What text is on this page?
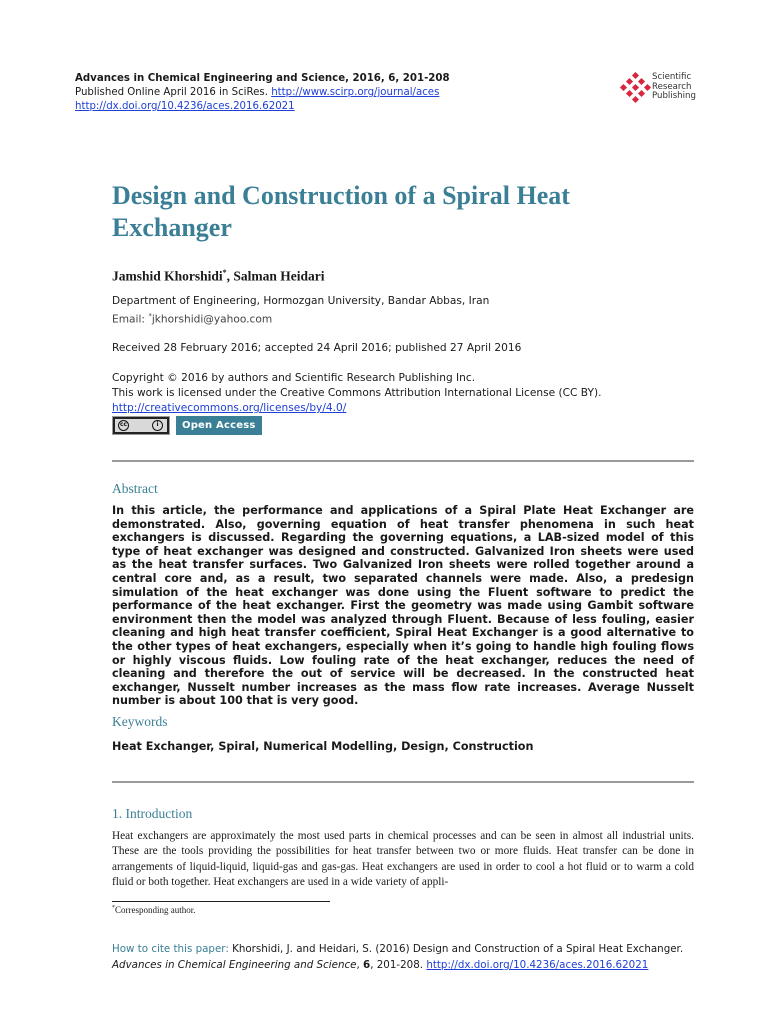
Advances in Chemical Engineering and Science, 2016, 6, 201-208
Published Online April 2016 in SciRes. http://www.scirp.org/journal/aces
http://dx.doi.org/10.4236/aces.2016.62021
Scientific
Research
Publishing
Design and Construction of a Spiral Heat Exchanger
Jamshid Khorshidi*, Salman Heidari
Department of Engineering, Hormozgan University, Bandar Abbas, Iran
Email: *jkhorshidi@yahoo.com
Received 28 February 2016; accepted 24 April 2016; published 27 April 2016
Copyright © 2016 by authors and Scientific Research Publishing Inc.
This work is licensed under the Creative Commons Attribution International License (CC BY).
http://creativecommons.org/licenses/by/4.0/
cc	i	Open Access
Abstract
In this article, the performance and applications of a Spiral Plate Heat Exchanger are demonstrated. Also, governing equation of heat transfer phenomena in such heat exchangers is discussed. Regarding the governing equations, a LAB-sized model of this type of heat exchanger was designed and constructed. Galvanized Iron sheets were used as the heat transfer surfaces. Two Galvanized Iron sheets were rolled together around a central core and, as a result, two separated channels were made. Also, a predesign simulation of the heat exchanger was done using the Fluent software to predict the performance of the heat exchanger. First the geometry was made using Gambit software environment then the model was analyzed through Fluent. Because of less fouling, easier cleaning and high heat transfer coefficient, Spiral Heat Exchanger is a good alternative to the other types of heat exchangers, especially when it’s going to handle high fouling flows or highly viscous fluids. Low fouling rate of the heat exchanger, reduces the need of cleaning and therefore the out of service will be decreased. In the constructed heat exchanger, Nusselt number increases as the mass flow rate increases. Average Nusselt number is about 100 that is very good.
Keywords
Heat Exchanger, Spiral, Numerical Modelling, Design, Construction
1. Introduction
Heat exchangers are approximately the most used parts in chemical processes and can be seen in almost all industrial units. These are the tools providing the possibilities for heat transfer between two or more fluids. Heat transfer can be done in arrangements of liquid-liquid, liquid-gas and gas-gas. Heat exchangers are used in order to cool a hot fluid or to warm a cold fluid or both together. Heat exchangers are used in a wide variety of appli-
*Corresponding author.
How to cite this paper: Khorshidi, J. and Heidari, S. (2016) Design and Construction of a Spiral Heat Exchanger. Advances in Chemical Engineering and Science, 6, 201-208. http://dx.doi.org/10.4236/aces.2016.62021
